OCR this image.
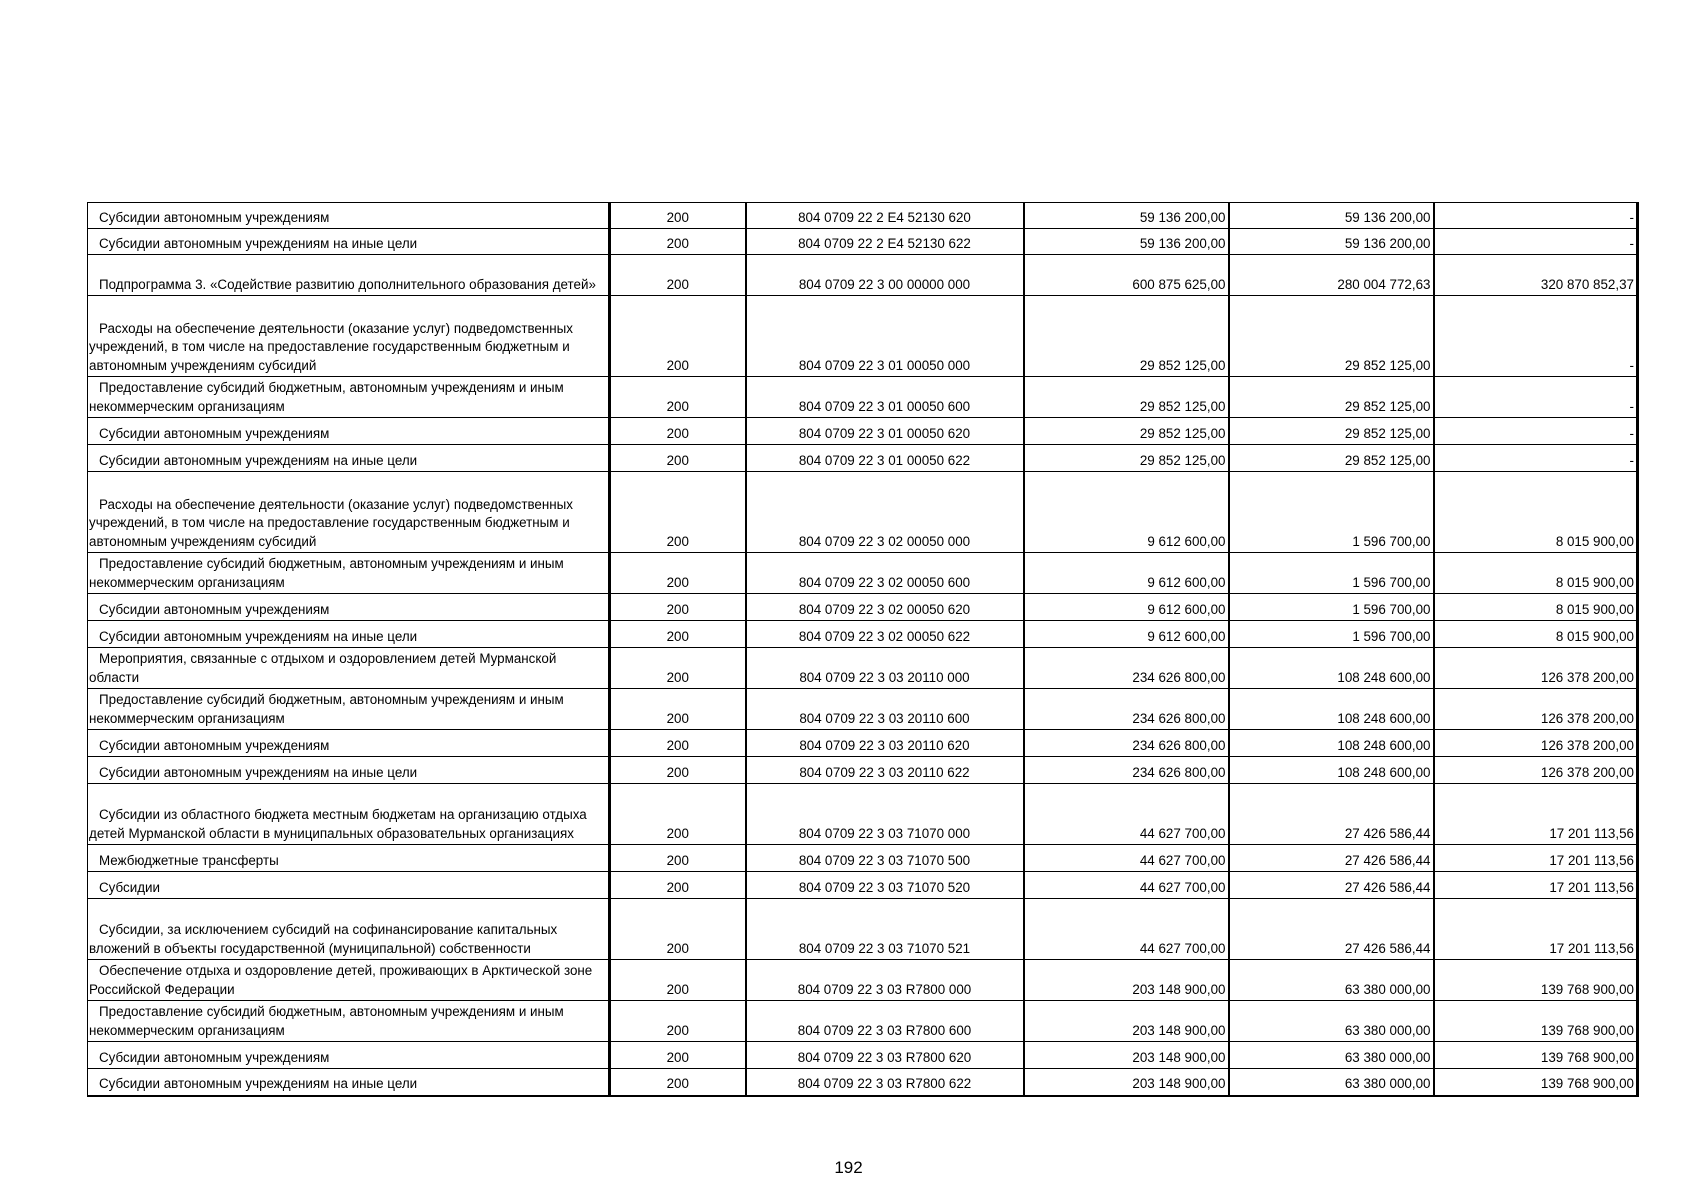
Субсидии автономным учреждениям	200	804 0709 22 2 E4 52130 620	59 136 200,00	59 136 200,00	-
Субсидии автономным учреждениям на иные цели	200	804 0709 22 2 E4 52130 622	59 136 200,00	59 136 200,00	-
Подпрограмма 3. «Содействие развитию дополнительного образования детей»	200	804 0709 22 3 00 00000 000	600 875 625,00	280 004 772,63	320 870 852,37
Расходы на обеспечение деятельности (оказание услуг) подведомственных учреждений, в том числе на предоставление государственным бюджетным и автономным учреждениям субсидий	200	804 0709 22 3 01 00050 000	29 852 125,00	29 852 125,00	-
Предоставление субсидий бюджетным, автономным учреждениям и иным некоммерческим организациям	200	804 0709 22 3 01 00050 600	29 852 125,00	29 852 125,00	-
Субсидии автономным учреждениям	200	804 0709 22 3 01 00050 620	29 852 125,00	29 852 125,00	-
Субсидии автономным учреждениям на иные цели	200	804 0709 22 3 01 00050 622	29 852 125,00	29 852 125,00	-
Расходы на обеспечение деятельности (оказание услуг) подведомственных учреждений, в том числе на предоставление государственным бюджетным и автономным учреждениям субсидий	200	804 0709 22 3 02 00050 000	9 612 600,00	1 596 700,00	8 015 900,00
Предоставление субсидий бюджетным, автономным учреждениям и иным некоммерческим организациям	200	804 0709 22 3 02 00050 600	9 612 600,00	1 596 700,00	8 015 900,00
Субсидии автономным учреждениям	200	804 0709 22 3 02 00050 620	9 612 600,00	1 596 700,00	8 015 900,00
Субсидии автономным учреждениям на иные цели	200	804 0709 22 3 02 00050 622	9 612 600,00	1 596 700,00	8 015 900,00
Мероприятия, связанные с отдыхом и оздоровлением детей Мурманской области	200	804 0709 22 3 03 20110 000	234 626 800,00	108 248 600,00	126 378 200,00
Предоставление субсидий бюджетным, автономным учреждениям и иным некоммерческим организациям	200	804 0709 22 3 03 20110 600	234 626 800,00	108 248 600,00	126 378 200,00
Субсидии автономным учреждениям	200	804 0709 22 3 03 20110 620	234 626 800,00	108 248 600,00	126 378 200,00
Субсидии автономным учреждениям на иные цели	200	804 0709 22 3 03 20110 622	234 626 800,00	108 248 600,00	126 378 200,00
Субсидии из областного бюджета местным бюджетам на организацию отдыха детей Мурманской области в муниципальных образовательных организациях	200	804 0709 22 3 03 71070 000	44 627 700,00	27 426 586,44	17 201 113,56
Межбюджетные трансферты	200	804 0709 22 3 03 71070 500	44 627 700,00	27 426 586,44	17 201 113,56
Субсидии	200	804 0709 22 3 03 71070 520	44 627 700,00	27 426 586,44	17 201 113,56
Субсидии, за исключением субсидий на софинансирование капитальных вложений в объекты государственной (муниципальной) собственности	200	804 0709 22 3 03 71070 521	44 627 700,00	27 426 586,44	17 201 113,56
Обеспечение отдыха и оздоровление детей, проживающих в Арктической зоне Российской Федерации	200	804 0709 22 3 03 R7800 000	203 148 900,00	63 380 000,00	139 768 900,00
Предоставление субсидий бюджетным, автономным учреждениям и иным некоммерческим организациям	200	804 0709 22 3 03 R7800 600	203 148 900,00	63 380 000,00	139 768 900,00
Субсидии автономным учреждениям	200	804 0709 22 3 03 R7800 620	203 148 900,00	63 380 000,00	139 768 900,00
Субсидии автономным учреждениям на иные цели	200	804 0709 22 3 03 R7800 622	203 148 900,00	63 380 000,00	139 768 900,00
192
